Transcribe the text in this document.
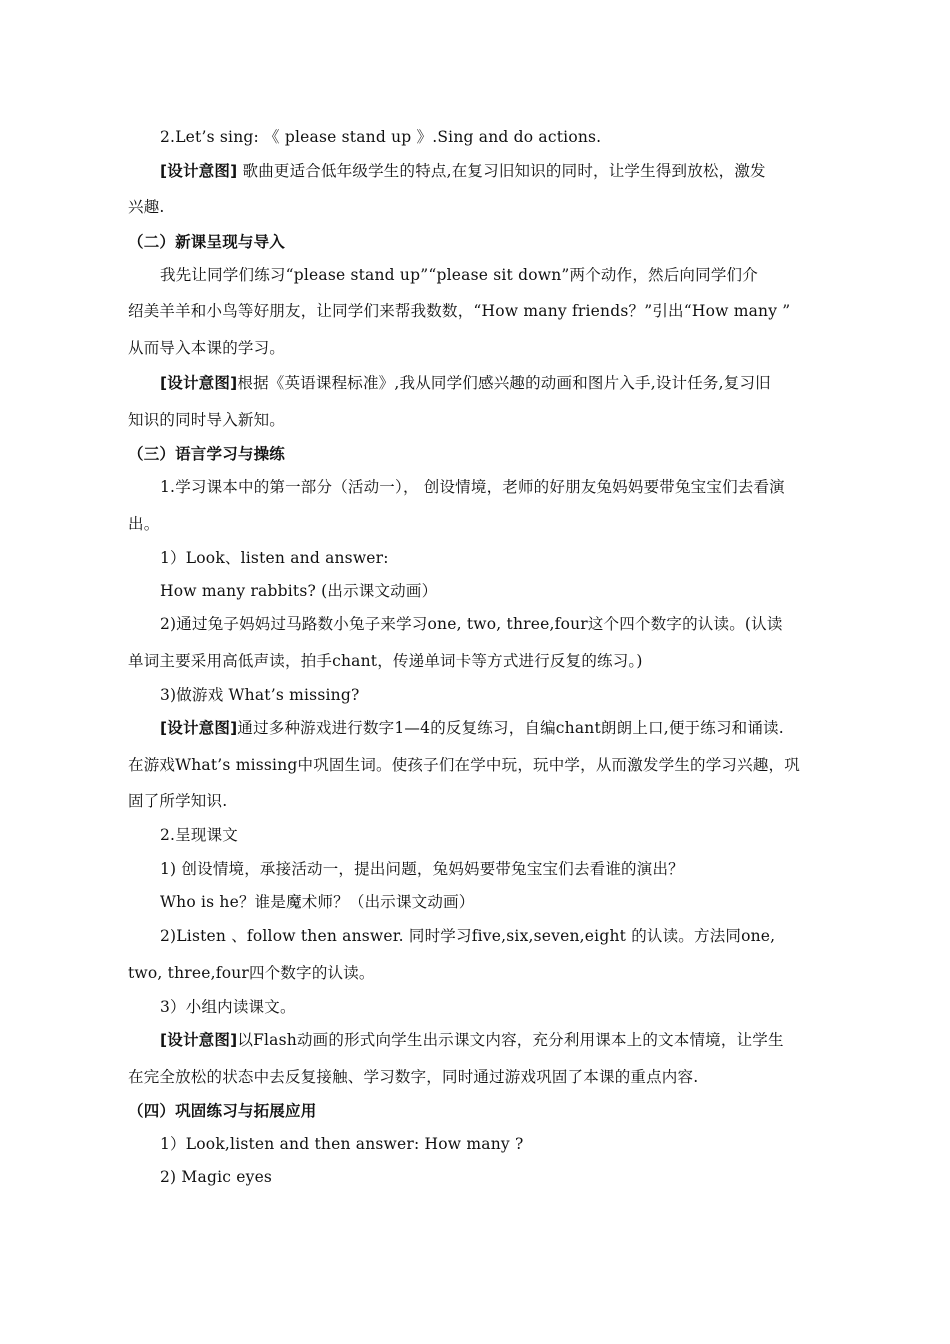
2.Let’s sing: 《 please stand up 》.Sing and do actions.
[设计意图] 歌曲更适合低年级学生的特点,在复习旧知识的同时，让学生得到放松，激发
兴趣.
（二）新课呈现与导入
我先让同学们练习“please stand up”“please sit down”两个动作，然后向同学们介
绍美羊羊和小鸟等好朋友，让同学们来帮我数数，“How many friends？”引出“How many ”
从而导入本课的学习。
[设计意图]根据《英语课程标准》,我从同学们感兴趣的动画和图片入手,设计任务,复习旧
知识的同时导入新知。
（三）语言学习与操练
1.学习课本中的第一部分（活动一）， 创设情境，老师的好朋友兔妈妈要带兔宝宝们去看演
出。
1）Look、listen and answer:
How many rabbits? (出示课文动画）
2)通过兔子妈妈过马路数小兔子来学习one, two, three,four这个四个数字的认读。(认读
单词主要采用高低声读，拍手chant，传递单词卡等方式进行反复的练习。)
3)做游戏 What’s missing?
[设计意图]通过多种游戏进行数字1—4的反复练习，自编chant朗朗上口,便于练习和诵读.
在游戏What’s missing中巩固生词。使孩子们在学中玩，玩中学，从而激发学生的学习兴趣，巩
固了所学知识.
2.呈现课文
1) 创设情境，承接活动一，提出问题，兔妈妈要带兔宝宝们去看谁的演出？
Who is he？谁是魔术师？（出示课文动画）
2)Listen 、follow then answer. 同时学习five,six,seven,eight 的认读。方法同one,
two, three,four四个数字的认读。
3）小组内读课文。
[设计意图]以Flash动画的形式向学生出示课文内容，充分利用课本上的文本情境，让学生
在完全放松的状态中去反复接触、学习数字，同时通过游戏巩固了本课的重点内容.
（四）巩固练习与拓展应用
1）Look,listen and then answer: How many ?
2) Magic eyes
